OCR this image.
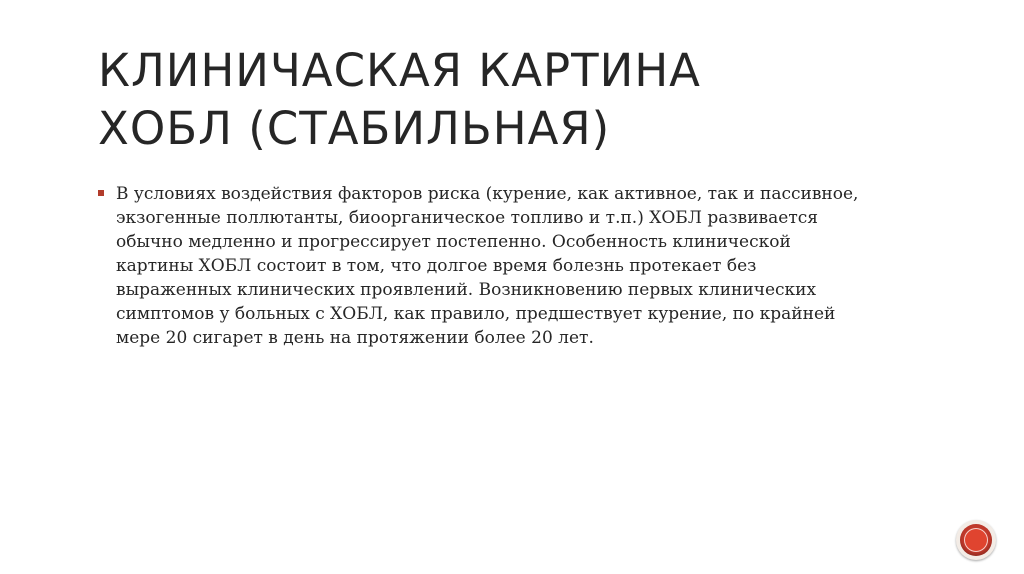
КЛИНИЧАСКАЯ КАРТИНА
ХОБЛ (СТАБИЛЬНАЯ)
В условиях воздействия факторов риска (курение, как активное, так и пассивное,
экзогенные поллютанты, биоорганическое топливо и т.п.) ХОБЛ развивается
обычно медленно и прогрессирует постепенно. Особенность клинической
картины ХОБЛ состоит в том, что долгое время болезнь протекает без
выраженных клинических проявлений. Возникновению первых клинических
симптомов у больных с ХОБЛ, как правило, предшествует курение, по крайней
мере 20 сигарет в день на протяжении более 20 лет.
